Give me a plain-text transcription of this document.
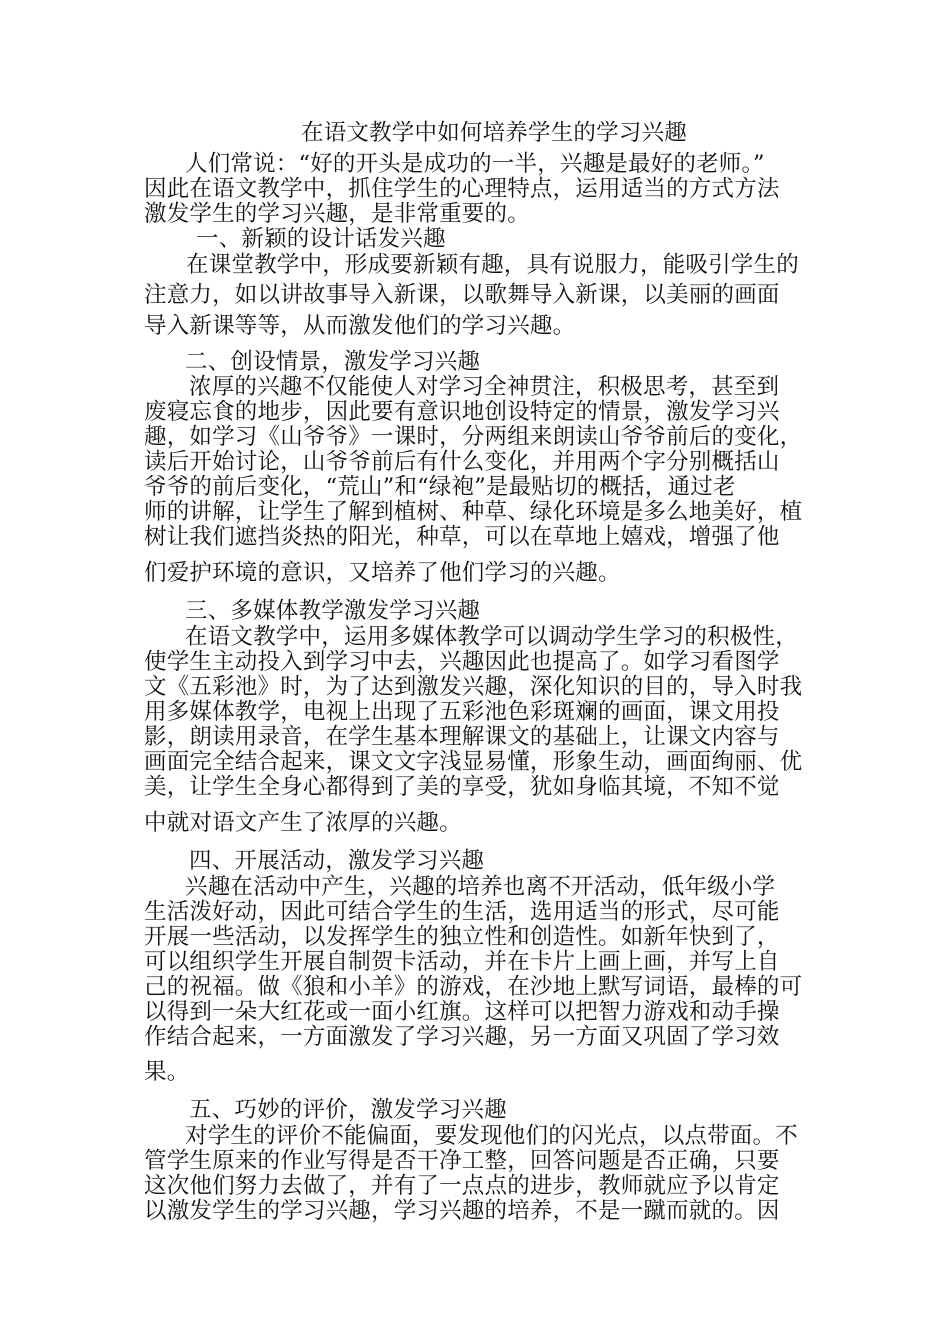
在语文教学中如何培养学生的学习兴趣
人们常说：“好的开头是成功的一半，兴趣是最好的老师。”
因此在语文教学中，抓住学生的心理特点，运用适当的方式方法
激发学生的学习兴趣，是非常重要的。
一、新颖的设计话发兴趣
在课堂教学中，形成要新颖有趣，具有说服力，能吸引学生的
注意力，如以讲故事导入新课，以歌舞导入新课，以美丽的画面
导入新课等等，从而激发他们的学习兴趣。
二、创设情景，激发学习兴趣
浓厚的兴趣不仅能使人对学习全神贯注，积极思考，甚至到
废寝忘食的地步，因此要有意识地创设特定的情景，激发学习兴
趣，如学习《山爷爷》一课时，分两组来朗读山爷爷前后的变化，
读后开始讨论，山爷爷前后有什么变化，并用两个字分别概括山
爷爷的前后变化，“荒山”和“绿袍”是最贴切的概括，通过老
师的讲解，让学生了解到植树、种草、绿化环境是多么地美好，植
树让我们遮挡炎热的阳光，种草，可以在草地上嬉戏，增强了他
们爱护环境的意识，又培养了他们学习的兴趣。
三、多媒体教学激发学习兴趣
在语文教学中，运用多媒体教学可以调动学生学习的积极性，
使学生主动投入到学习中去，兴趣因此也提高了。如学习看图学
文《五彩池》时，为了达到激发兴趣，深化知识的目的，导入时我
用多媒体教学，电视上出现了五彩池色彩斑斓的画面，课文用投
影，朗读用录音，在学生基本理解课文的基础上，让课文内容与
画面完全结合起来，课文文字浅显易懂，形象生动，画面绚丽、优
美，让学生全身心都得到了美的享受，犹如身临其境，不知不觉
中就对语文产生了浓厚的兴趣。
四、开展活动，激发学习兴趣
兴趣在活动中产生，兴趣的培养也离不开活动，低年级小学
生活泼好动，因此可结合学生的生活，选用适当的形式，尽可能
开展一些活动，以发挥学生的独立性和创造性。如新年快到了，
可以组织学生开展自制贺卡活动，并在卡片上画上画，并写上自
己的祝福。做《狼和小羊》的游戏，在沙地上默写词语，最棒的可
以得到一朵大红花或一面小红旗。这样可以把智力游戏和动手操
作结合起来，一方面激发了学习兴趣，另一方面又巩固了学习效
果。
五、巧妙的评价，激发学习兴趣
对学生的评价不能偏面，要发现他们的闪光点，以点带面。不
管学生原来的作业写得是否干净工整，回答问题是否正确，只要
这次他们努力去做了，并有了一点点的进步，教师就应予以肯定
以激发学生的学习兴趣，学习兴趣的培养，不是一蹴而就的。因
